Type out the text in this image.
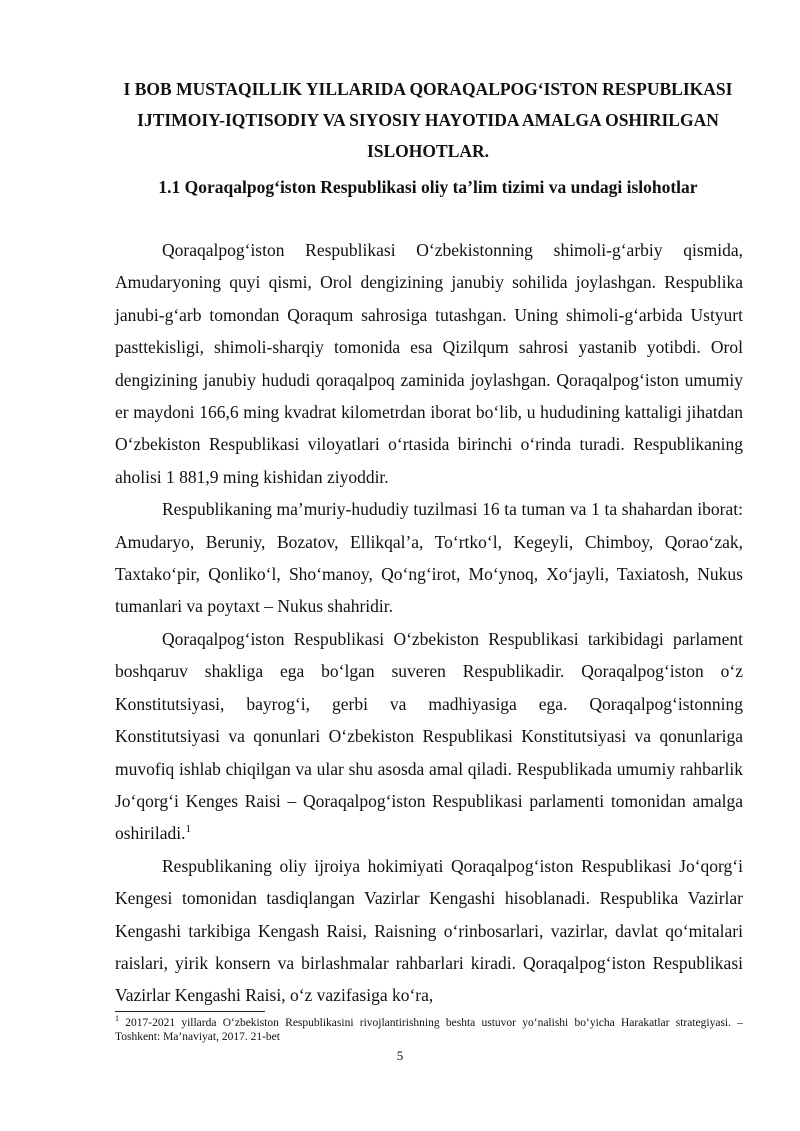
I BOB MUSTAQILLIK YILLARIDA QORAQALPOG‘ISTON RESPUBLIKASI IJTIMOIY-IQTISODIY VA SIYOSIY HAYOTIDA AMALGA OSHIRILGAN ISLOHOTLAR.
1.1 Qoraqalpog‘iston Respublikasi oliy ta’lim tizimi va undagi islohotlar

Qoraqalpog‘iston Respublikasi O‘zbekistonning shimoli-g‘arbiy qismida, Amudaryoning quyi qismi, Orol dengizining janubiy sohilida joylashgan. Respublika janubi-g‘arb tomondan Qoraqum sahrosiga tutashgan. Uning shimoli-g‘arbida Ustyurt pasttekisligi, shimoli-sharqiy tomonida esa Qizilqum sahrosi yastanib yotibdi. Orol dengizining janubiy hududi qoraqalpoq zaminida joylashgan. Qoraqalpog‘iston umumiy er maydoni 166,6 ming kvadrat kilometrdan iborat bo‘lib, u hududining kattaligi jihatdan O‘zbekiston Respublikasi viloyatlari o‘rtasida birinchi o‘rinda turadi. Respublikaning aholisi 1 881,9 ming kishidan ziyoddir.

Respublikaning ma’muriy-hududiy tuzilmasi 16 ta tuman va 1 ta shahardan iborat: Amudaryo, Beruniy, Bozatov, Ellikqal’a, To‘rtko‘l, Kegeyli, Chimboy, Qorao‘zak, Taxtako‘pir, Qonliko‘l, Sho‘manoy, Qo‘ng‘irot, Mo‘ynoq, Xo‘jayli, Taxiatosh, Nukus tumanlari va poytaxt – Nukus shahridir.

Qoraqalpog‘iston Respublikasi O‘zbekiston Respublikasi tarkibidagi parlament boshqaruv shakliga ega bo‘lgan suveren Respublikadir. Qoraqalpog‘iston o‘z Konstitutsiyasi, bayrog‘i, gerbi va madhiyasiga ega. Qoraqalpog‘istonning Konstitutsiyasi va qonunlari O‘zbekiston Respublikasi Konstitutsiyasi va qonunlariga muvofiq ishlab chiqilgan va ular shu asosda amal qiladi. Respublikada umumiy rahbarlik Jo‘qorg‘i Kenges Raisi – Qoraqalpog‘iston Respublikasi parlamenti tomonidan amalga oshiriladi.$^1$

Respublikaning oliy ijroiya hokimiyati Qoraqalpog‘iston Respublikasi Jo‘qorg‘i Kengesi tomonidan tasdiqlangan Vazirlar Kengashi hisoblanadi. Respublika Vazirlar Kengashi tarkibiga Kengash Raisi, Raisning o‘rinbosarlari, vazirlar, davlat qo‘mitalari raislari, yirik konsern va birlashmalar rahbarlari kiradi. Qoraqalpog‘iston Respublikasi Vazirlar Kengashi Raisi, o‘z vazifasiga ko‘ra,

$^1$ 2017-2021 yillarda O‘zbekiston Respublikasini rivojlantirishning beshta ustuvor yo‘nalishi bo‘yicha Harakatlar strategiyasi. – Toshkent: Ma’naviyat, 2017. 21-bet
5
